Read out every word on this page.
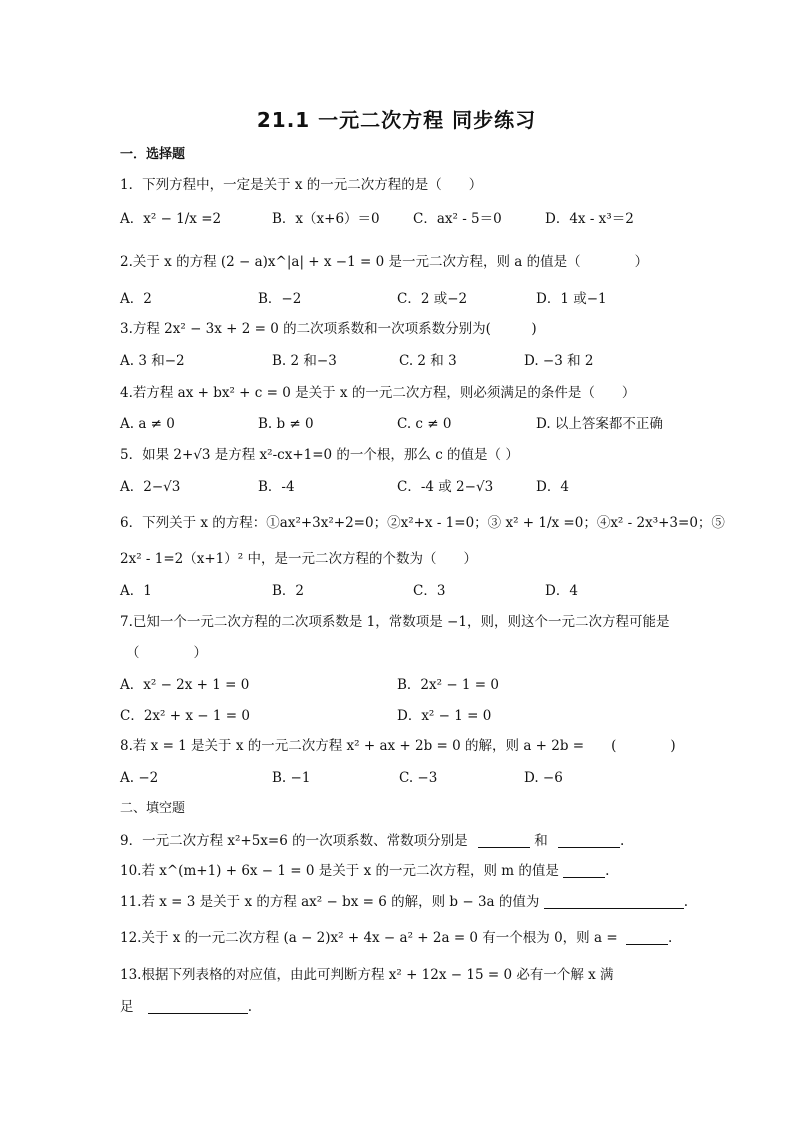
21.1 一元二次方程 同步练习
一．选择题
1．下列方程中，一定是关于 x 的一元二次方程的是（　　）
A．x² − 1/x =2	B．x（x+6）＝0 C．ax² - 5＝0	D．4x - x³＝2
2.关于 x 的方程 (2 − a)x^|a| + x −1 = 0 是一元二次方程，则 a 的值是（　　　　）
A．2	B．−2	C．2 或−2	D．1 或−1
3.方程 2x² − 3x + 2 = 0 的二次项系数和一次项系数分别为(　　　)
A. 3 和−2	B. 2 和−3	C. 2 和 3	D. −3 和 2
4.若方程 ax + bx² + c = 0 是关于 x 的一元二次方程，则必须满足的条件是（　　）
A. a ≠ 0	B. b ≠ 0	C. c ≠ 0	D. 以上答案都不正确
5．如果 2+√3 是方程 x²-cx+1=0 的一个根，那么 c 的值是（ ）
A．2−√3	B．-4	C．-4 或 2−√3	D．4
6．下列关于 x 的方程：①ax²+3x²+2=0；②x²+x - 1=0；③ x² + 1/x =0；④x² - 2x³+3=0；⑤
2x² - 1=2（x+1）² 中，是一元二次方程的个数为（　　）
A．1	B．2	C．3	D．4
7.已知一个一元二次方程的二次项系数是 1，常数项是 −1，则，则这个一元二次方程可能是
（　　　　）
A．x² − 2x + 1 = 0	B．2x² − 1 = 0
C．2x² + x − 1 = 0	D．x² − 1 = 0
8.若 x = 1 是关于 x 的一元二次方程 x² + ax + 2b = 0 的解，则 a + 2b =　　(　　　　)
A. −2	B. −1	C. −3	D. −6
二、填空题
9．一元二次方程 x²+5x=6 的一次项系数、常数项分别是	和	.
10.若 x^(m+1) + 6x − 1 = 0 是关于 x 的一元二次方程，则 m 的值是	.
11.若 x = 3 是关于 x 的方程 ax² − bx = 6 的解，则 b − 3a 的值为	.
12.关于 x 的一元二次方程 (a − 2)x² + 4x − a² + 2a = 0 有一个根为 0，则 a =	.
13.根据下列表格的对应值，由此可判断方程 x² + 12x − 15 = 0 必有一个解 x 满
足	.
